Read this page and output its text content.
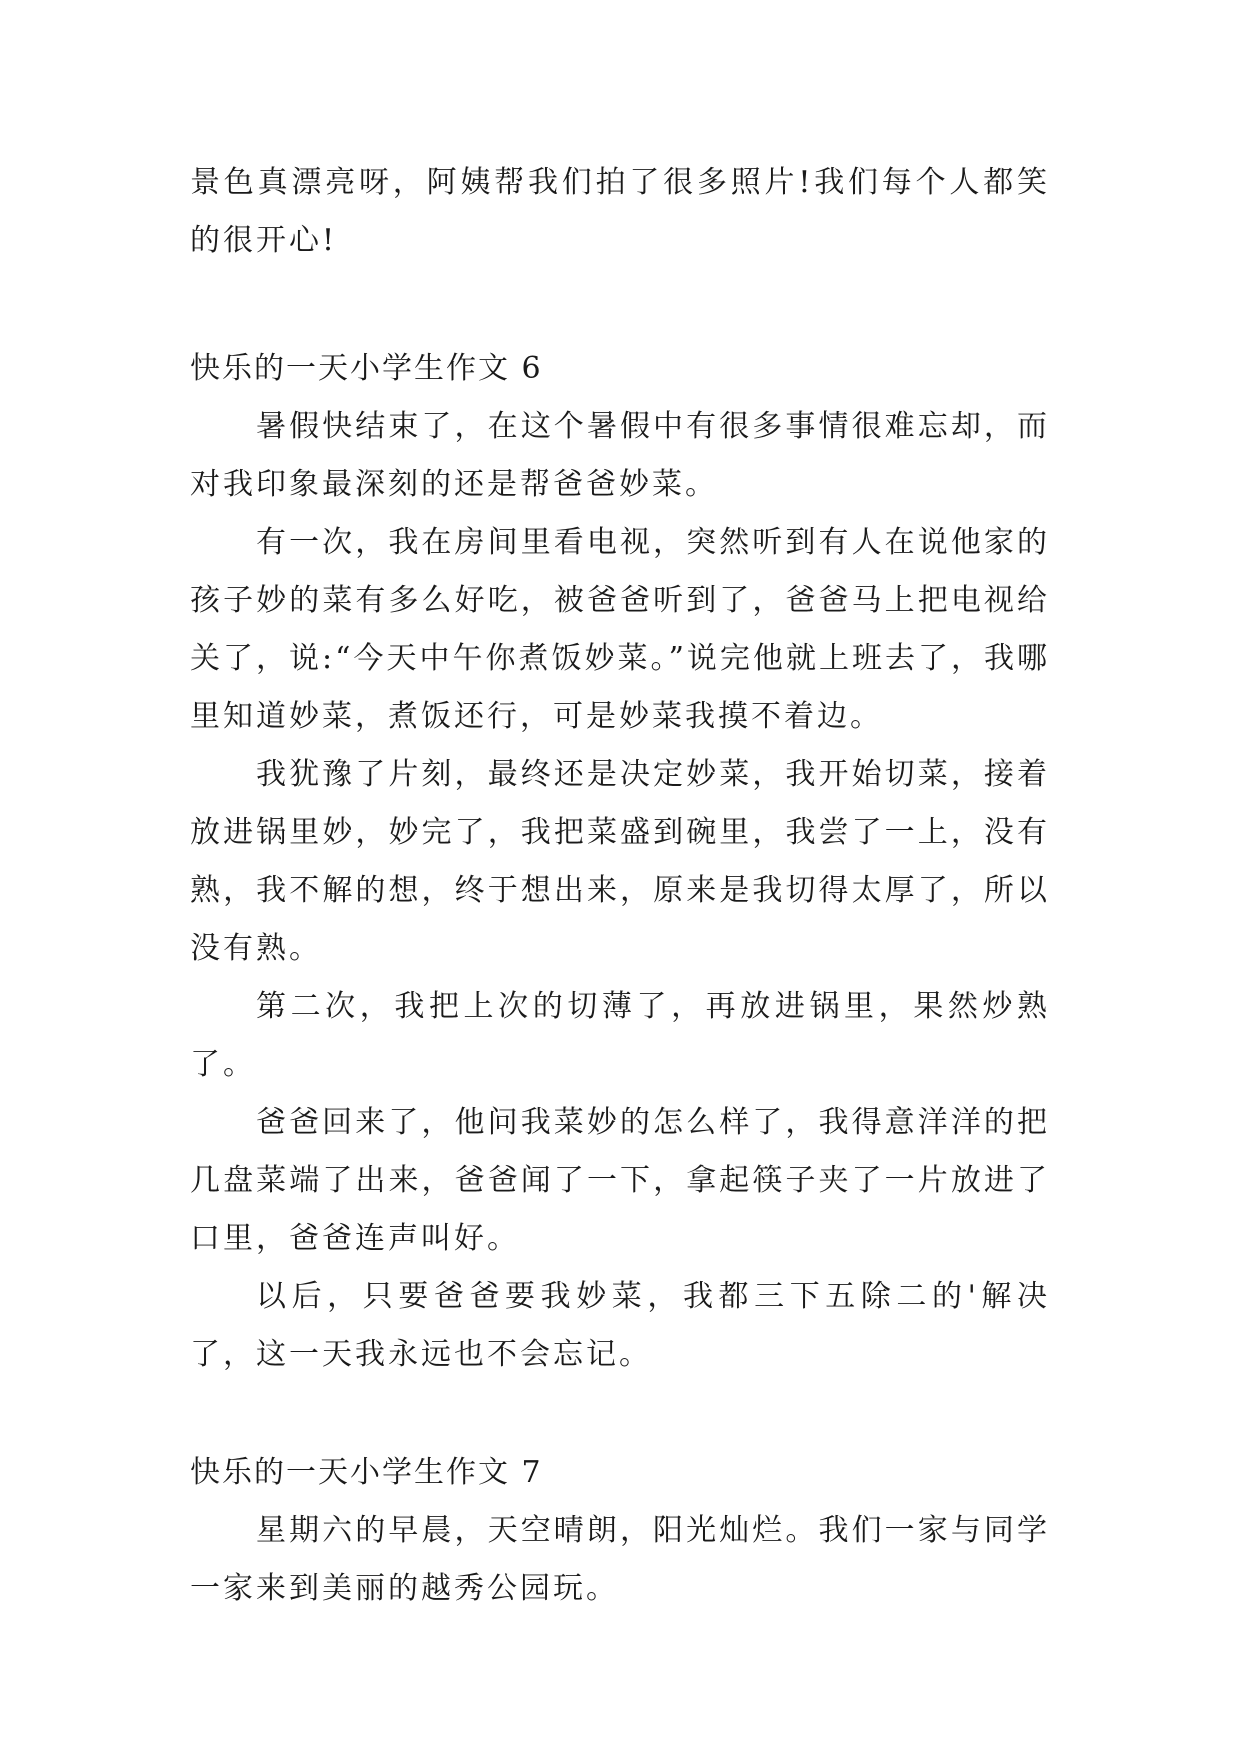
景色真漂亮呀，阿姨帮我们拍了很多照片!我们每个人都笑的很开心!

快乐的一天小学生作文 6

暑假快结束了，在这个暑假中有很多事情很难忘却，而对我印象最深刻的还是帮爸爸妙菜。

有一次，我在房间里看电视，突然听到有人在说他家的孩子妙的菜有多么好吃，被爸爸听到了，爸爸马上把电视给关了，说:“今天中午你煮饭妙菜。”说完他就上班去了，我哪里知道妙菜，煮饭还行，可是妙菜我摸不着边。

我犹豫了片刻，最终还是决定妙菜，我开始切菜，接着放进锅里妙，妙完了，我把菜盛到碗里，我尝了一上，没有熟，我不解的想，终于想出来，原来是我切得太厚了，所以没有熟。

第二次，我把上次的切薄了，再放进锅里，果然炒熟了。

爸爸回来了，他问我菜妙的怎么样了，我得意洋洋的把几盘菜端了出来，爸爸闻了一下，拿起筷子夹了一片放进了口里，爸爸连声叫好。

以后，只要爸爸要我妙菜，我都三下五除二的'解决了，这一天我永远也不会忘记。

快乐的一天小学生作文 7

星期六的早晨，天空晴朗，阳光灿烂。我们一家与同学一家来到美丽的越秀公园玩。
